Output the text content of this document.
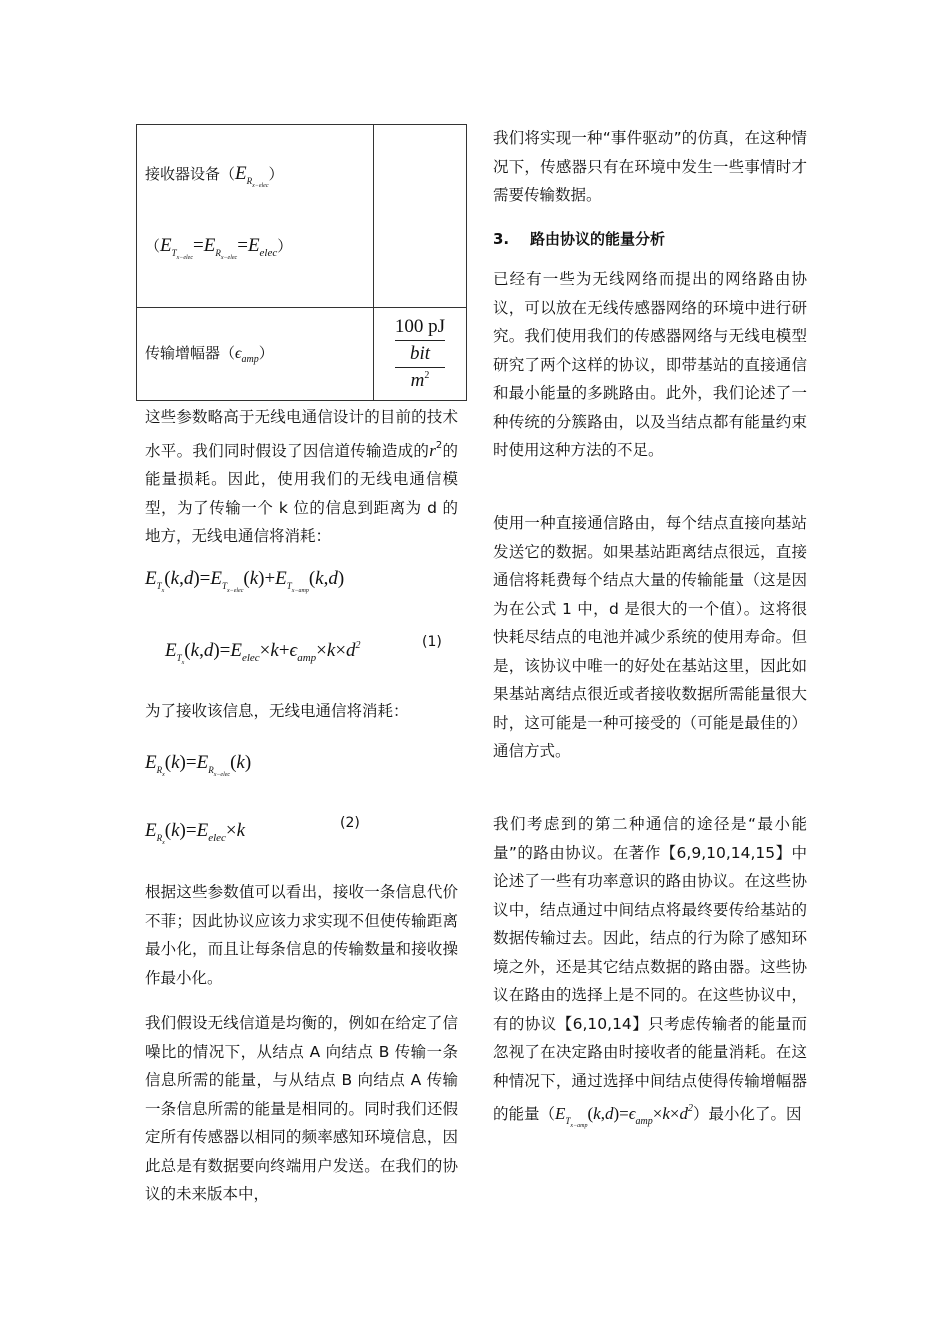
接收器设备$(E_{R_{x-elec}})$
$(E_{T_{x-elec}}=E_{R_{x-elec}}=E_{elec})$	

传输增幅器$(\epsilon_{amp})$	100 pJ
bit
$m^2$

这些参数略高于无线电通信设计的目前的技术水平。我们同时假设了因信道传输造成的$r^2$的能量损耗。因此，使用我们的无线电通信模型，为了传输一个 k 位的信息到距离为 d 的地方，无线电通信将消耗：

$E_{T_x}(k,d)=E_{T_{x-elec}}(k)+E_{T_{x-amp}}(k,d)$
$E_{T_x}(k,d)=E_{elec}\times k+\epsilon_{amp}\times k\times d^2$	(1)

为了接收该信息，无线电通信将消耗：

$E_{R_x}(k)=E_{R_{x-elec}}(k)$
$E_{R_x}(k)=E_{elec}\times k$	(2)

根据这些参数值可以看出，接收一条信息代价不菲；因此协议应该力求实现不但使传输距离最小化，而且让每条信息的传输数量和接收操作最小化。

我们假设无线信道是均衡的，例如在给定了信噪比的情况下，从结点 A 向结点 B 传输一条信息所需的能量，与从结点 B 向结点 A 传输一条信息所需的能量是相同的。同时我们还假定所有传感器以相同的频率感知环境信息，因此总是有数据要向终端用户发送。在我们的协议的未来版本中，

我们将实现一种“事件驱动”的仿真，在这种情况下，传感器只有在环境中发生一些事情时才需要传输数据。

3.    路由协议的能量分析

已经有一些为无线网络而提出的网络路由协议，可以放在无线传感器网络的环境中进行研究。我们使用我们的传感器网络与无线电模型研究了两个这样的协议，即带基站的直接通信和最小能量的多跳路由。此外，我们论述了一种传统的分簇路由，以及当结点都有能量约束时使用这种方法的不足。

使用一种直接通信路由，每个结点直接向基站发送它的数据。如果基站距离结点很远，直接通信将耗费每个结点大量的传输能量（这是因为在公式 1 中，d 是很大的一个值）。这将很快耗尽结点的电池并减少系统的使用寿命。但是，该协议中唯一的好处在基站这里，因此如果基站离结点很近或者接收数据所需能量很大时，这可能是一种可接受的（可能是最佳的）通信方式。

我们考虑到的第二种通信的途径是“最小能量”的路由协议。在著作【6,9,10,14,15】中论述了一些有功率意识的路由协议。在这些协议中，结点通过中间结点将最终要传给基站的数据传输过去。因此，结点的行为除了感知环境之外，还是其它结点数据的路由器。这些协议在路由的选择上是不同的。在这些协议中，有的协议【6,10,14】只考虑传输者的能量而忽视了在决定路由时接收者的能量消耗。在这种情况下，通过选择中间结点使得传输增幅器的能量$(E_{T_{x-amp}}(k,d)=\epsilon_{amp}\times k\times d^2)$最小化了。因
